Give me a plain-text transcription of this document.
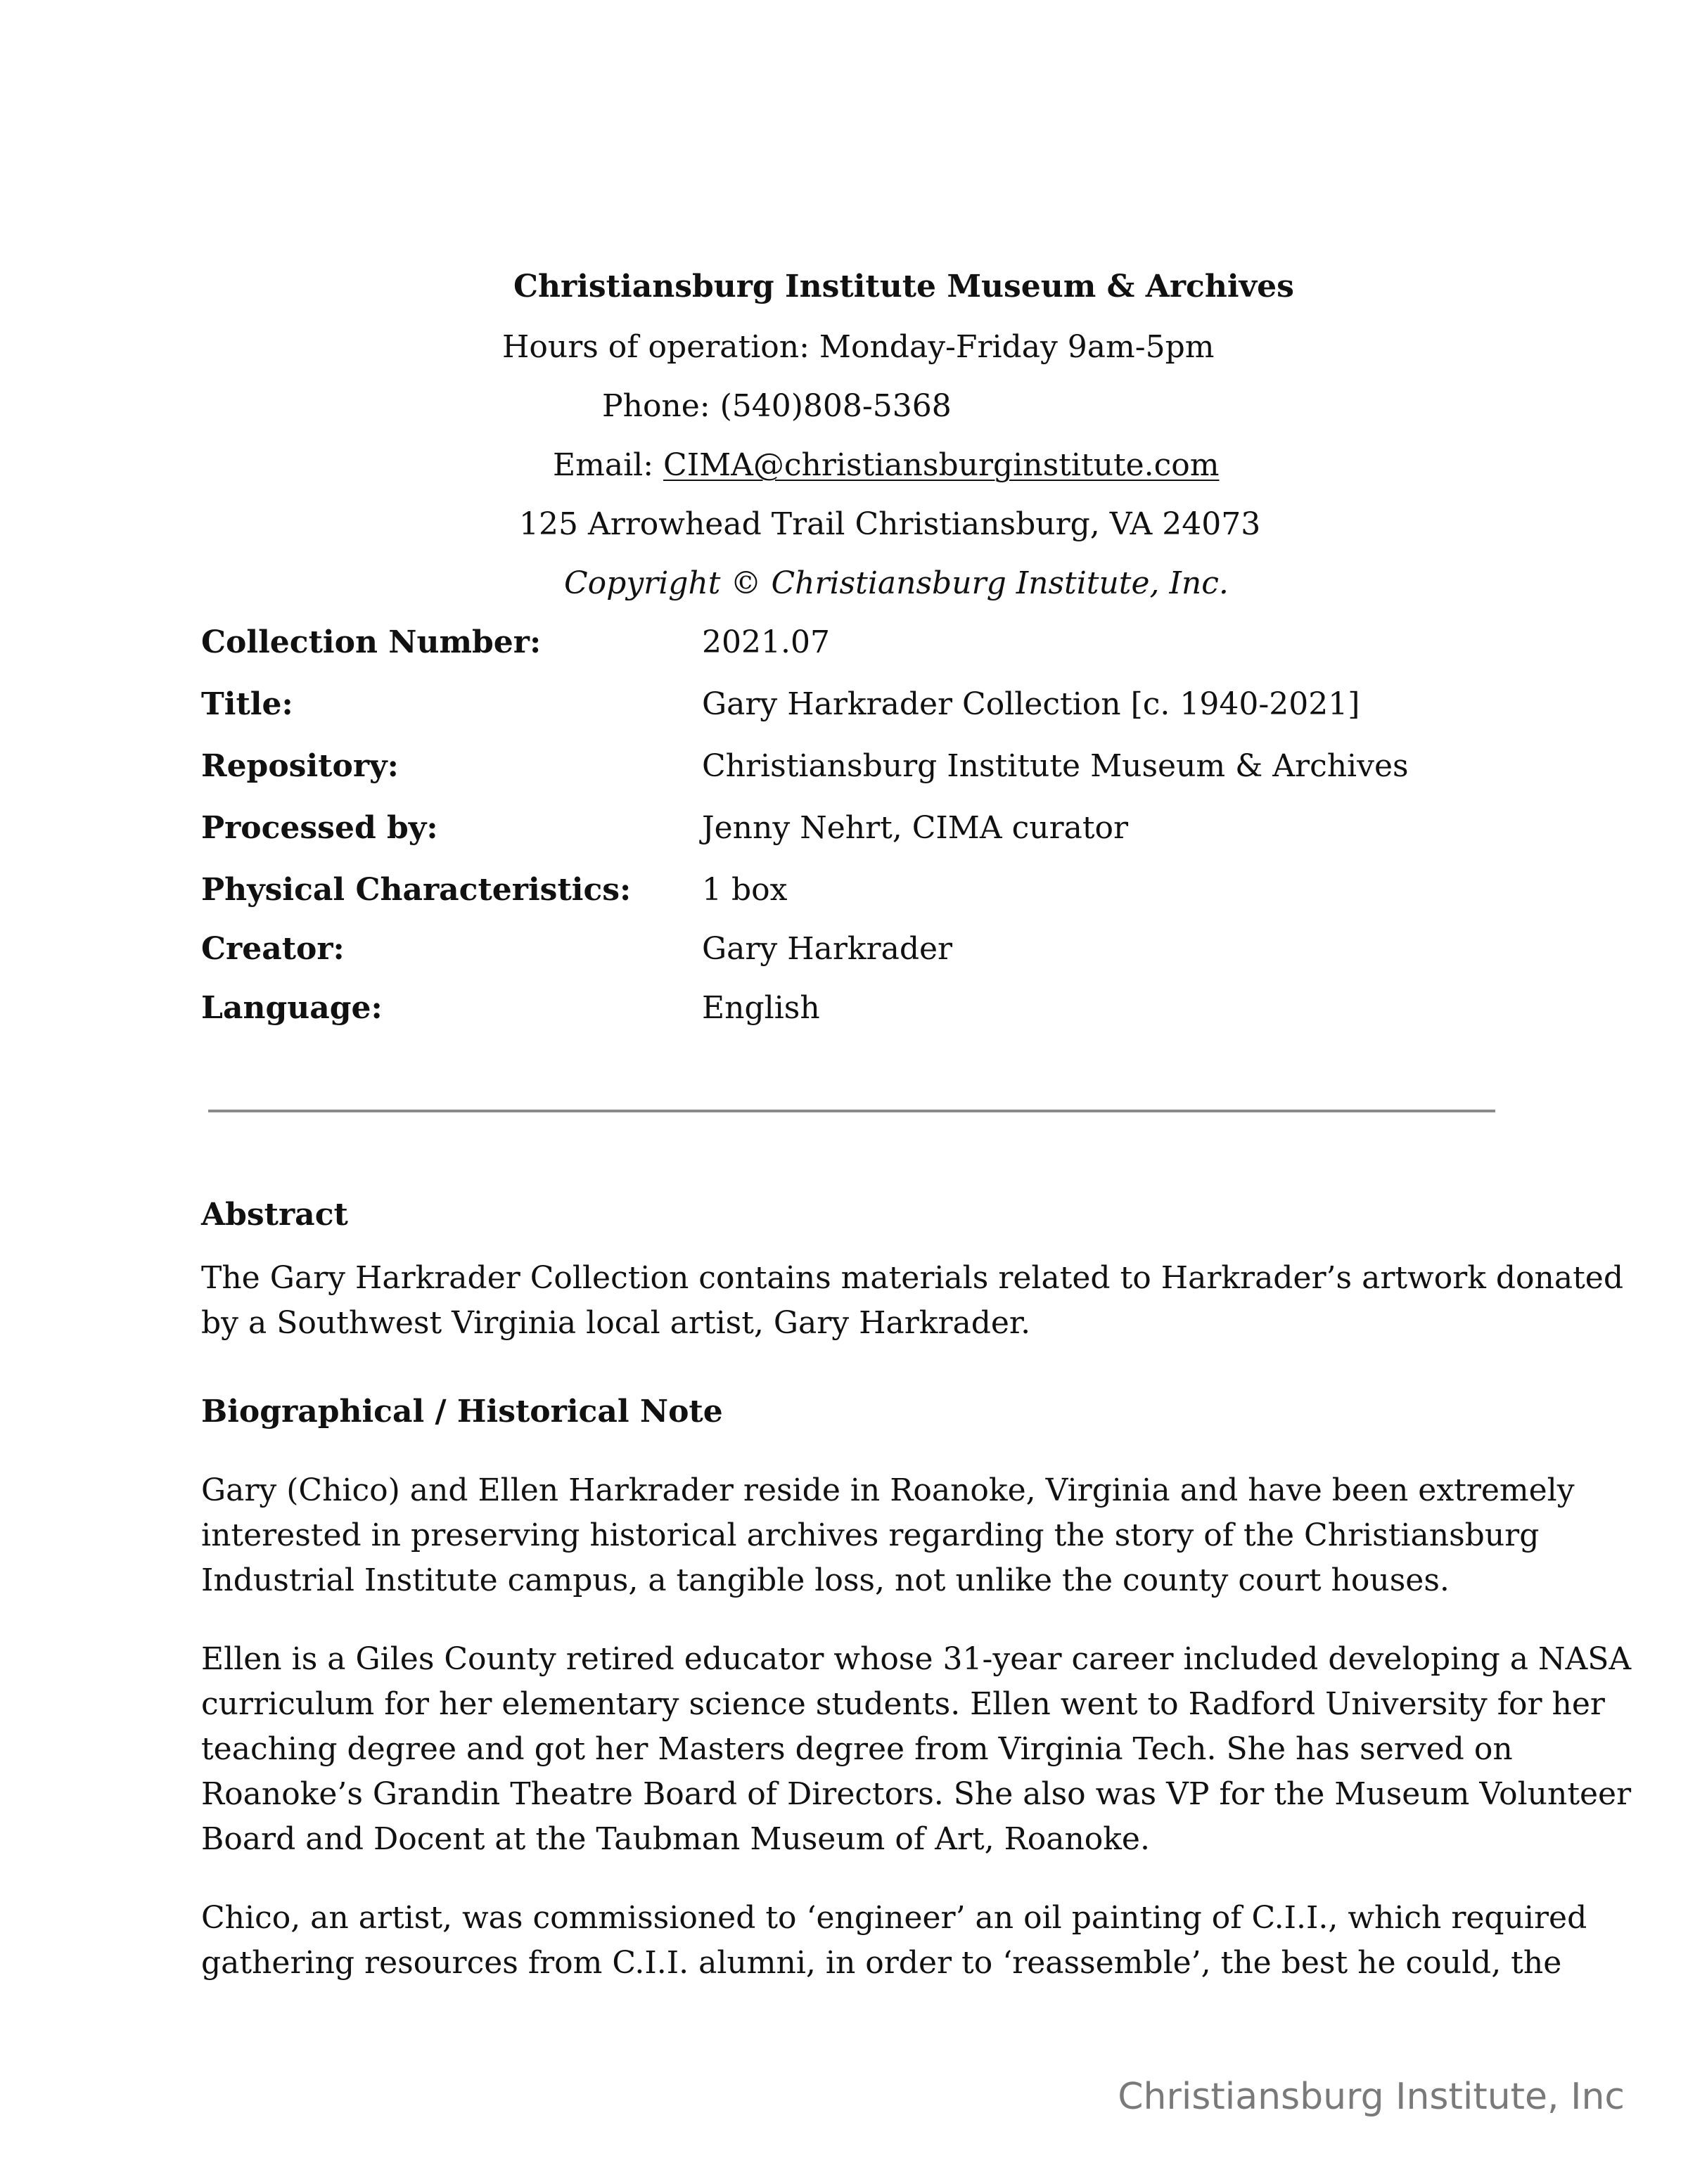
Christiansburg Institute Museum & Archives
Hours of operation: Monday-Friday 9am-5pm
Phone: (540)808-5368
Email: CIMA@christiansburginstitute.com
125 Arrowhead Trail Christiansburg, VA 24073
Copyright © Christiansburg Institute, Inc.
Collection Number:	2021.07
Title:	Gary Harkrader Collection [c. 1940-2021]
Repository:	Christiansburg Institute Museum & Archives
Processed by:	Jenny Nehrt, CIMA curator
Physical Characteristics: 1 box
Creator:	Gary Harkrader
Language:	English
Abstract
The Gary Harkrader Collection contains materials related to Harkrader’s artwork donated
by a Southwest Virginia local artist, Gary Harkrader.
Biographical / Historical Note
Gary (Chico) and Ellen Harkrader reside in Roanoke, Virginia and have been extremely
interested in preserving historical archives regarding the story of the Christiansburg
Industrial Institute campus, a tangible loss, not unlike the county court houses.
Ellen is a Giles County retired educator whose 31-year career included developing a NASA
curriculum for her elementary science students. Ellen went to Radford University for her
teaching degree and got her Masters degree from Virginia Tech. She has served on
Roanoke’s Grandin Theatre Board of Directors. She also was VP for the Museum Volunteer
Board and Docent at the Taubman Museum of Art, Roanoke.
Chico, an artist, was commissioned to ‘engineer’ an oil painting of C.I.I., which required
gathering resources from C.I.I. alumni, in order to ‘reassemble’, the best he could, the
Christiansburg Institute, Inc
